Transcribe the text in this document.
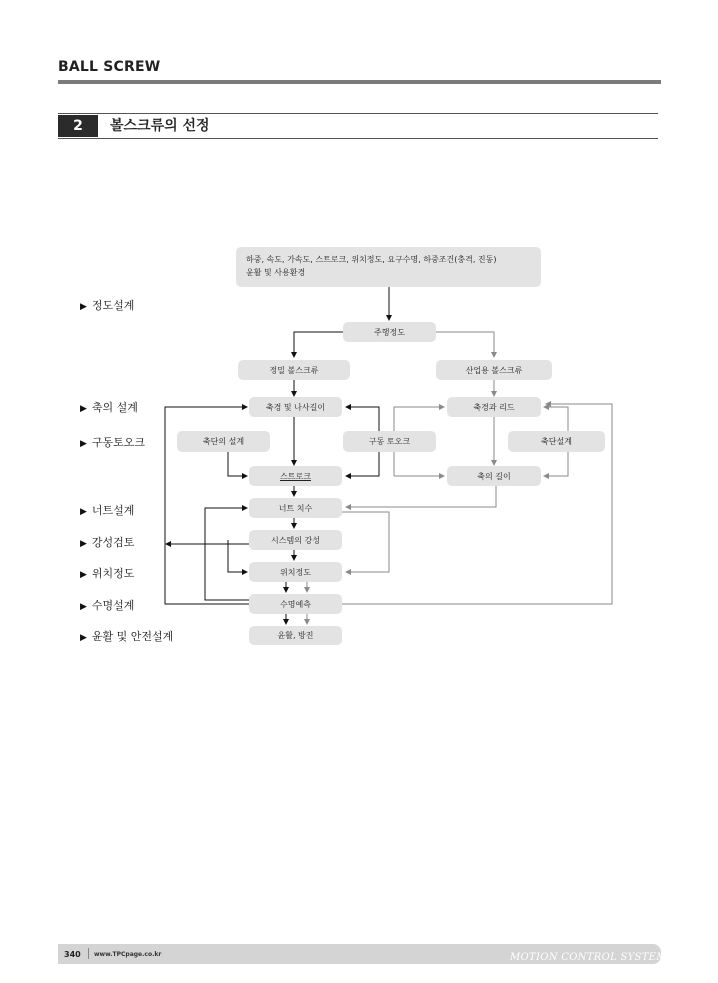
BALL SCREW
2	볼스크류의 선정
▶ 정도설계
▶ 축의 설계
▶ 구동토오크
▶ 너트설계
▶ 강성검토
▶ 위치정도
▶ 수명설계
▶ 윤활 및 안전설계
하중, 속도, 가속도, 스트로크, 위치정도, 요구수명, 하중조건(충격, 진동)
윤활 및 사용환경
주행정도
정밀 볼스크류	산업용 볼스크류
축경 및 나사길이	축경과 리드
축단의 설계	구동 토오크	축단설계
스트로크	축의 길이
너트 치수
시스템의 강성
위치정도
수명예측
윤활, 방진
340 www.TPCpage.co.kr	MOTION CONTROL SYSTEM
